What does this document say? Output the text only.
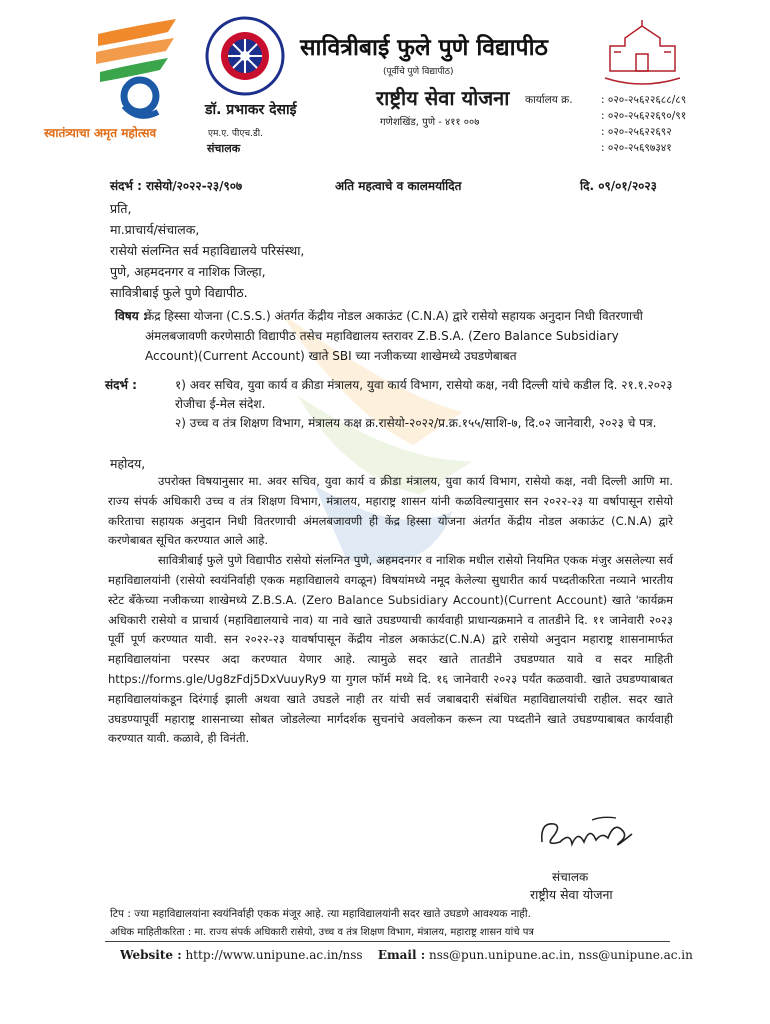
स्वातंत्र्याचा अमृत महोत्सव
सावित्रीबाई फुले पुणे विद्यापीठ
(पूर्वीचे पुणे विद्यापीठ)
राष्ट्रीय सेवा योजना
गणेशखिंड, पुणे - ४११ ००७
डॉ. प्रभाकर देसाई
एम.ए. पीएच.डी.
संचालक
कार्यालय क्र.	: ०२०-२५६२२६८८/८९
: ०२०-२५६२२६९०/९१
: ०२०-२५६२२६९२
: ०२०-२५६९७३४१
संदर्भ : रासेयो/२०२२-२३/९०७	अति महत्वाचे व कालमर्यादित	दि. ०९/०१/२०२३
प्रति,
मा.प्राचार्य/संचालक,
रासेयो संलग्नित सर्व महाविद्यालये परिसंस्था,
पुणे, अहमदनगर व नाशिक जिल्हा,
सावित्रीबाई फुले पुणे विद्यापीठ.
विषय :
केंद्र हिस्सा योजना (C.S.S.) अंतर्गत केंद्रीय नोडल अकाऊंट (C.N.A) द्वारे रासेयो सहायक अनुदान निधी वितरणाची अंमलबजावणी करणेसाठी विद्यापीठ तसेच महाविद्यालय स्तरावर Z.B.S.A. (Zero Balance Subsidiary Account)(Current Account) खाते SBI च्या नजीकच्या शाखेमध्ये उघडणेबाबत
संदर्भ :	१) अवर सचिव, युवा कार्य व क्रीडा मंत्रालय, युवा कार्य विभाग, रासेयो कक्ष, नवी दिल्ली यांचे कडील दि. २१.१.२०२३ रोजीचा ई-मेल संदेश.
२) उच्च व तंत्र शिक्षण विभाग, मंत्रालय कक्ष क्र.रासेयो-२०२२/प्र.क्र.१५५/साशि-७, दि.०२ जानेवारी, २०२३ चे पत्र.
महोदय,

उपरोक्त विषयानुसार मा. अवर सचिव, युवा कार्य व क्रीडा मंत्रालय, युवा कार्य विभाग, रासेयो कक्ष, नवी दिल्ली आणि मा. राज्य संपर्क अधिकारी उच्च व तंत्र शिक्षण विभाग, मंत्रालय, महाराष्ट्र शासन यांनी कळविल्यानुसार सन २०२२-२३ या वर्षापासून रासेयो करिताचा सहायक अनुदान निधी वितरणाची अंमलबजावणी ही केंद्र हिस्सा योजना अंतर्गत केंद्रीय नोडल अकाऊंट (C.N.A) द्वारे करणेबाबत सूचित करण्यात आले आहे.

सावित्रीबाई फुले पुणे विद्यापीठ रासेयो संलग्नित पुणे, अहमदनगर व नाशिक मधील रासेयो नियमित एकक मंजुर असलेल्या सर्व महाविद्यालयांनी (रासेयो स्वयंनिर्वाही एकक महाविद्यालये वगळून) विषयांमध्ये नमूद केलेल्या सुधारीत कार्य पध्दतीकरिता नव्याने भारतीय स्टेट बँकेच्या नजीकच्या शाखेमध्ये Z.B.S.A. (Zero Balance Subsidiary Account)(Current Account) खाते 'कार्यक्रम अधिकारी रासेयो व प्राचार्य (महाविद्यालयाचे नाव) या नावे खाते उघडण्याची कार्यवाही प्राधान्यक्रमाने व तातडीने दि. ११ जानेवारी २०२३ पूर्वी पूर्ण करण्यात यावी. सन २०२२-२३ यावर्षापासून केंद्रीय नोडल अकाऊंट(C.N.A) द्वारे रासेयो अनुदान महाराष्ट्र शासनामार्फत महाविद्यालयांना परस्पर अदा करण्यात येणार आहे. त्यामुळे सदर खाते तातडीने उघडण्यात यावे व सदर माहिती https://forms.gle/Ug8zFdj5DxVuuyRy9 या गुगल फॉर्म मध्ये दि. १६ जानेवारी २०२३ पर्यंत कळवावी. खाते उघडण्याबाबत महाविद्यालयांकडून दिरंगाई झाली अथवा खाते उघडले नाही तर यांची सर्व जबाबदारी संबंधित महाविद्यालयांची राहील. सदर खाते उघडण्यापूर्वी महाराष्ट्र शासनाच्या सोबत जोडलेल्या मार्गदर्शक सुचनांचे अवलोकन करून त्या पध्दतीने खाते उघडण्याबाबत कार्यवाही करण्यात यावी. कळावे, ही विनंती.

संचालक
राष्ट्रीय सेवा योजना
टिप : ज्या महाविद्यालयांना स्वयंनिर्वाही एकक मंजूर आहे. त्या महाविद्यालयांनी सदर खाते उघडणे आवश्यक नाही.
अधिक माहितीकरिता : मा. राज्य संपर्क अधिकारी रासेयो, उच्च व तंत्र शिक्षण विभाग, मंत्रालय, महाराष्ट्र शासन यांचे पत्र
Website : http://www.unipune.ac.in/nss Email : nss@pun.unipune.ac.in, nss@unipune.ac.in
